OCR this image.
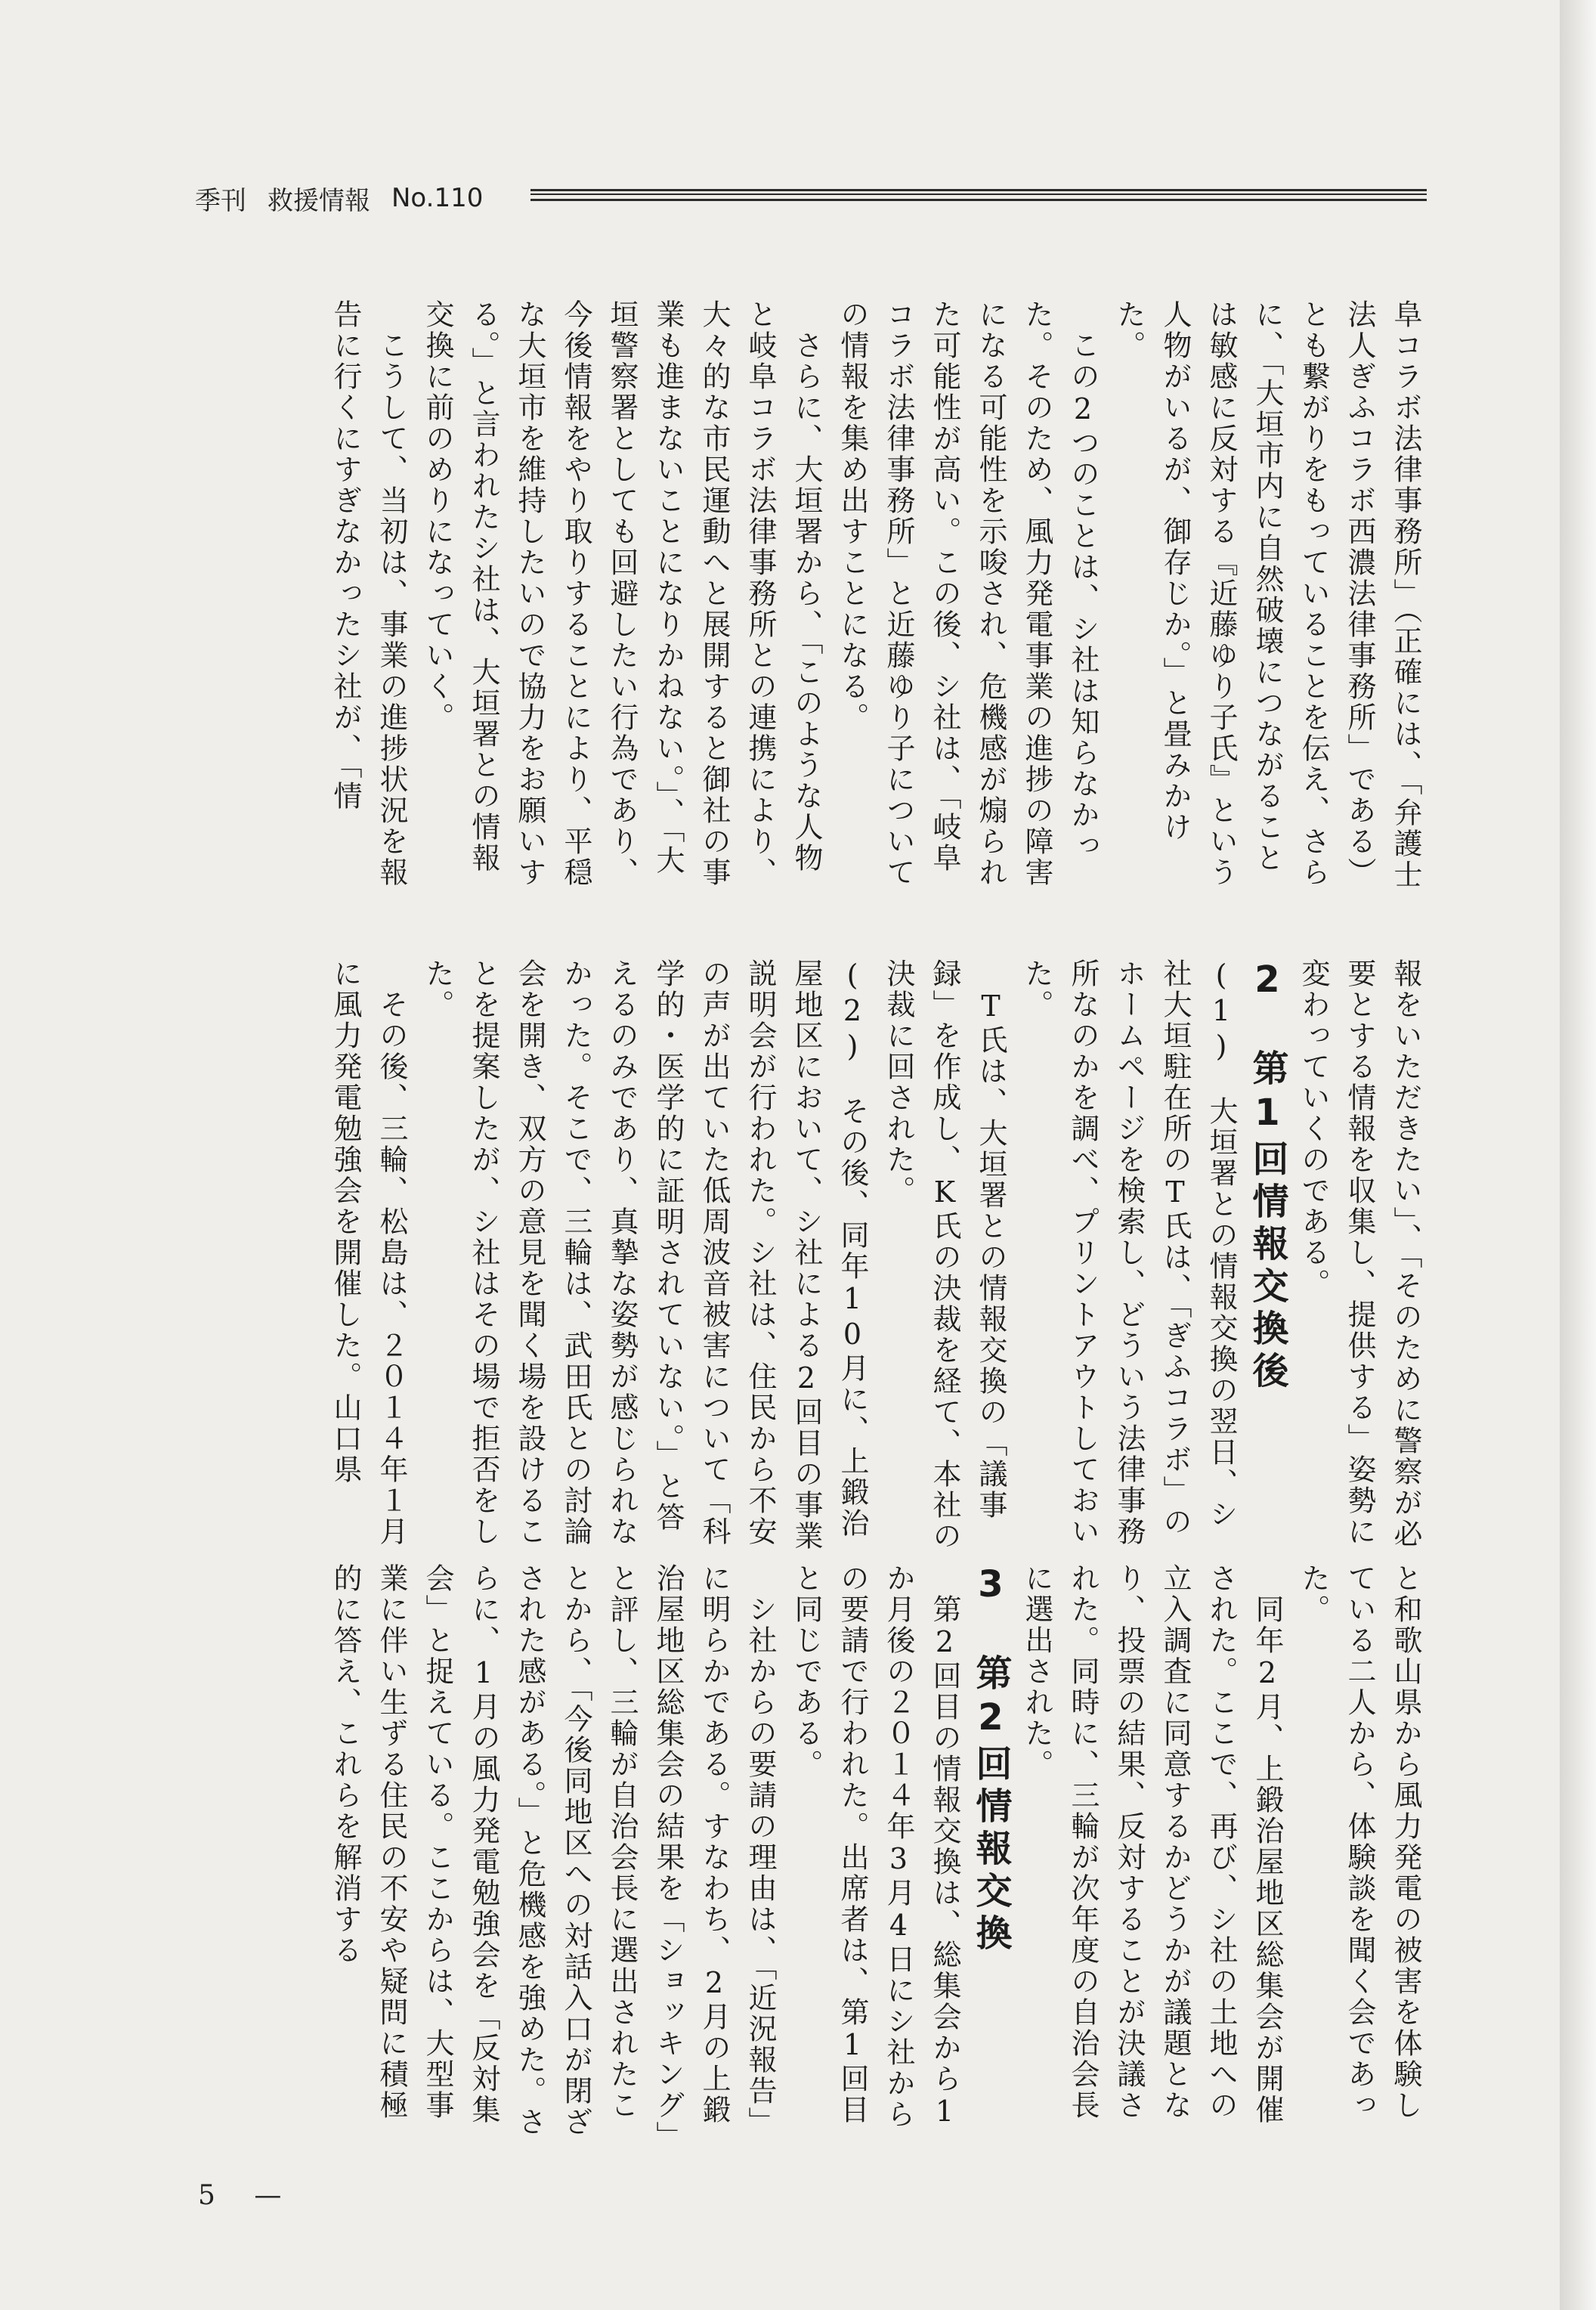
季刊 救援情報 No.110

阜コラボ法律事務所」（正確には、「弁護士法人ぎふコラボ西濃法律事務所」である）とも繋がりをもっていることを伝え、さらに、「大垣市内に自然破壊につながることは敏感に反対する『近藤ゆり子氏』という人物がいるが、御存じか。」と畳みかけた。

　この2つのことは、シ社は知らなかった。そのため、風力発電事業の進捗の障害になる可能性を示唆され、危機感が煽られた可能性が高い。この後、シ社は、「岐阜コラボ法律事務所」と近藤ゆり子についての情報を集め出すことになる。

　さらに、大垣署から、「このような人物と岐阜コラボ法律事務所との連携により、大々的な市民運動へと展開すると御社の事業も進まないことになりかねない。」、「大垣警察署としても回避したい行為であり、今後情報をやり取りすることにより、平穏な大垣市を維持したいので協力をお願いする。」と言われたシ社は、大垣署との情報交換に前のめりになっていく。

　こうして、当初は、事業の進捗状況を報告に行くにすぎなかったシ社が、「情

報をいただきたい」、「そのために警察が必要とする情報を収集し、提供する」姿勢に変わっていくのである。

2　第1回情報交換後

(1)　大垣署との情報交換の翌日、シ社大垣駐在所のT氏は、「ぎふコラボ」のホームページを検索し、どういう法律事務所なのかを調べ、プリントアウトしておいた。

　T氏は、大垣署との情報交換の「議事録」を作成し、K氏の決裁を経て、本社の決裁に回された。

(2)　その後、同年10月に、上鍛治屋地区において、シ社による2回目の事業説明会が行われた。シ社は、住民から不安の声が出ていた低周波音被害について「科学的・医学的に証明されていない。」と答えるのみであり、真摯な姿勢が感じられなかった。そこで、三輪は、武田氏との討論会を開き、双方の意見を聞く場を設けることを提案したが、シ社はその場で拒否をした。

　その後、三輪、松島は、２０１４年１月に風力発電勉強会を開催した。山口県

と和歌山県から風力発電の被害を体験している二人から、体験談を聞く会であった。

　同年2月、上鍛治屋地区総集会が開催された。ここで、再び、シ社の土地への立入調査に同意するかどうかが議題となり、投票の結果、反対することが決議された。同時に、三輪が次年度の自治会長に選出された。

3　第2回情報交換

　第2回目の情報交換は、総集会から1か月後の２０１４年3月4日にシ社からの要請で行われた。出席者は、第1回目と同じである。

　シ社からの要請の理由は、「近況報告」に明らかである。すなわち、2月の上鍛治屋地区総集会の結果を「ショッキング」と評し、三輪が自治会長に選出されたことから、「今後同地区への対話入口が閉ざされた感がある。」と危機感を強めた。さらに、1月の風力発電勉強会を「反対集会」と捉えている。ここからは、大型事業に伴い生ずる住民の不安や疑問に積極的に答え、これらを解消する

5 —
